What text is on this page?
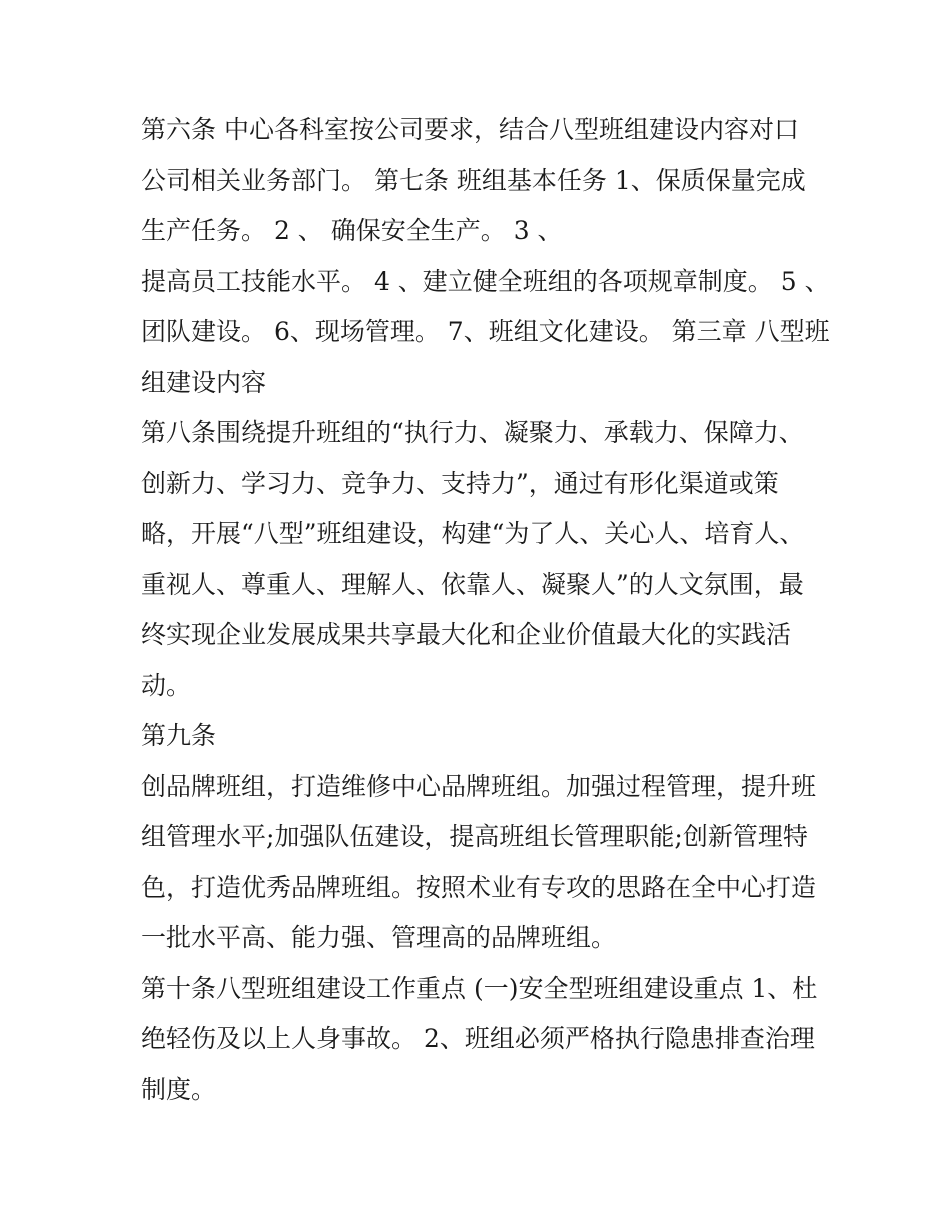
第六条 中心各科室按公司要求，结合八型班组建设内容对口
公司相关业务部门。 第七条 班组基本任务 1、保质保量完成
生产任务。 2 、 确保安全生产。 3 、
提高员工技能水平。 4 、建立健全班组的各项规章制度。 5 、
团队建设。 6、现场管理。 7、班组文化建设。 第三章 八型班
组建设内容
第八条围绕提升班组的“执行力、凝聚力、承载力、保障力、
创新力、学习力、竞争力、支持力”，通过有形化渠道或策
略，开展“八型”班组建设，构建“为了人、关心人、培育人、
重视人、尊重人、理解人、依靠人、凝聚人”的人文氛围，最
终实现企业发展成果共享最大化和企业价值最大化的实践活
动。
第九条
创品牌班组，打造维修中心品牌班组。加强过程管理，提升班
组管理水平;加强队伍建设，提高班组长管理职能;创新管理特
色，打造优秀品牌班组。按照术业有专攻的思路在全中心打造
一批水平高、能力强、管理高的品牌班组。
第十条八型班组建设工作重点 (一)安全型班组建设重点 1、杜
绝轻伤及以上人身事故。 2、班组必须严格执行隐患排查治理
制度。
